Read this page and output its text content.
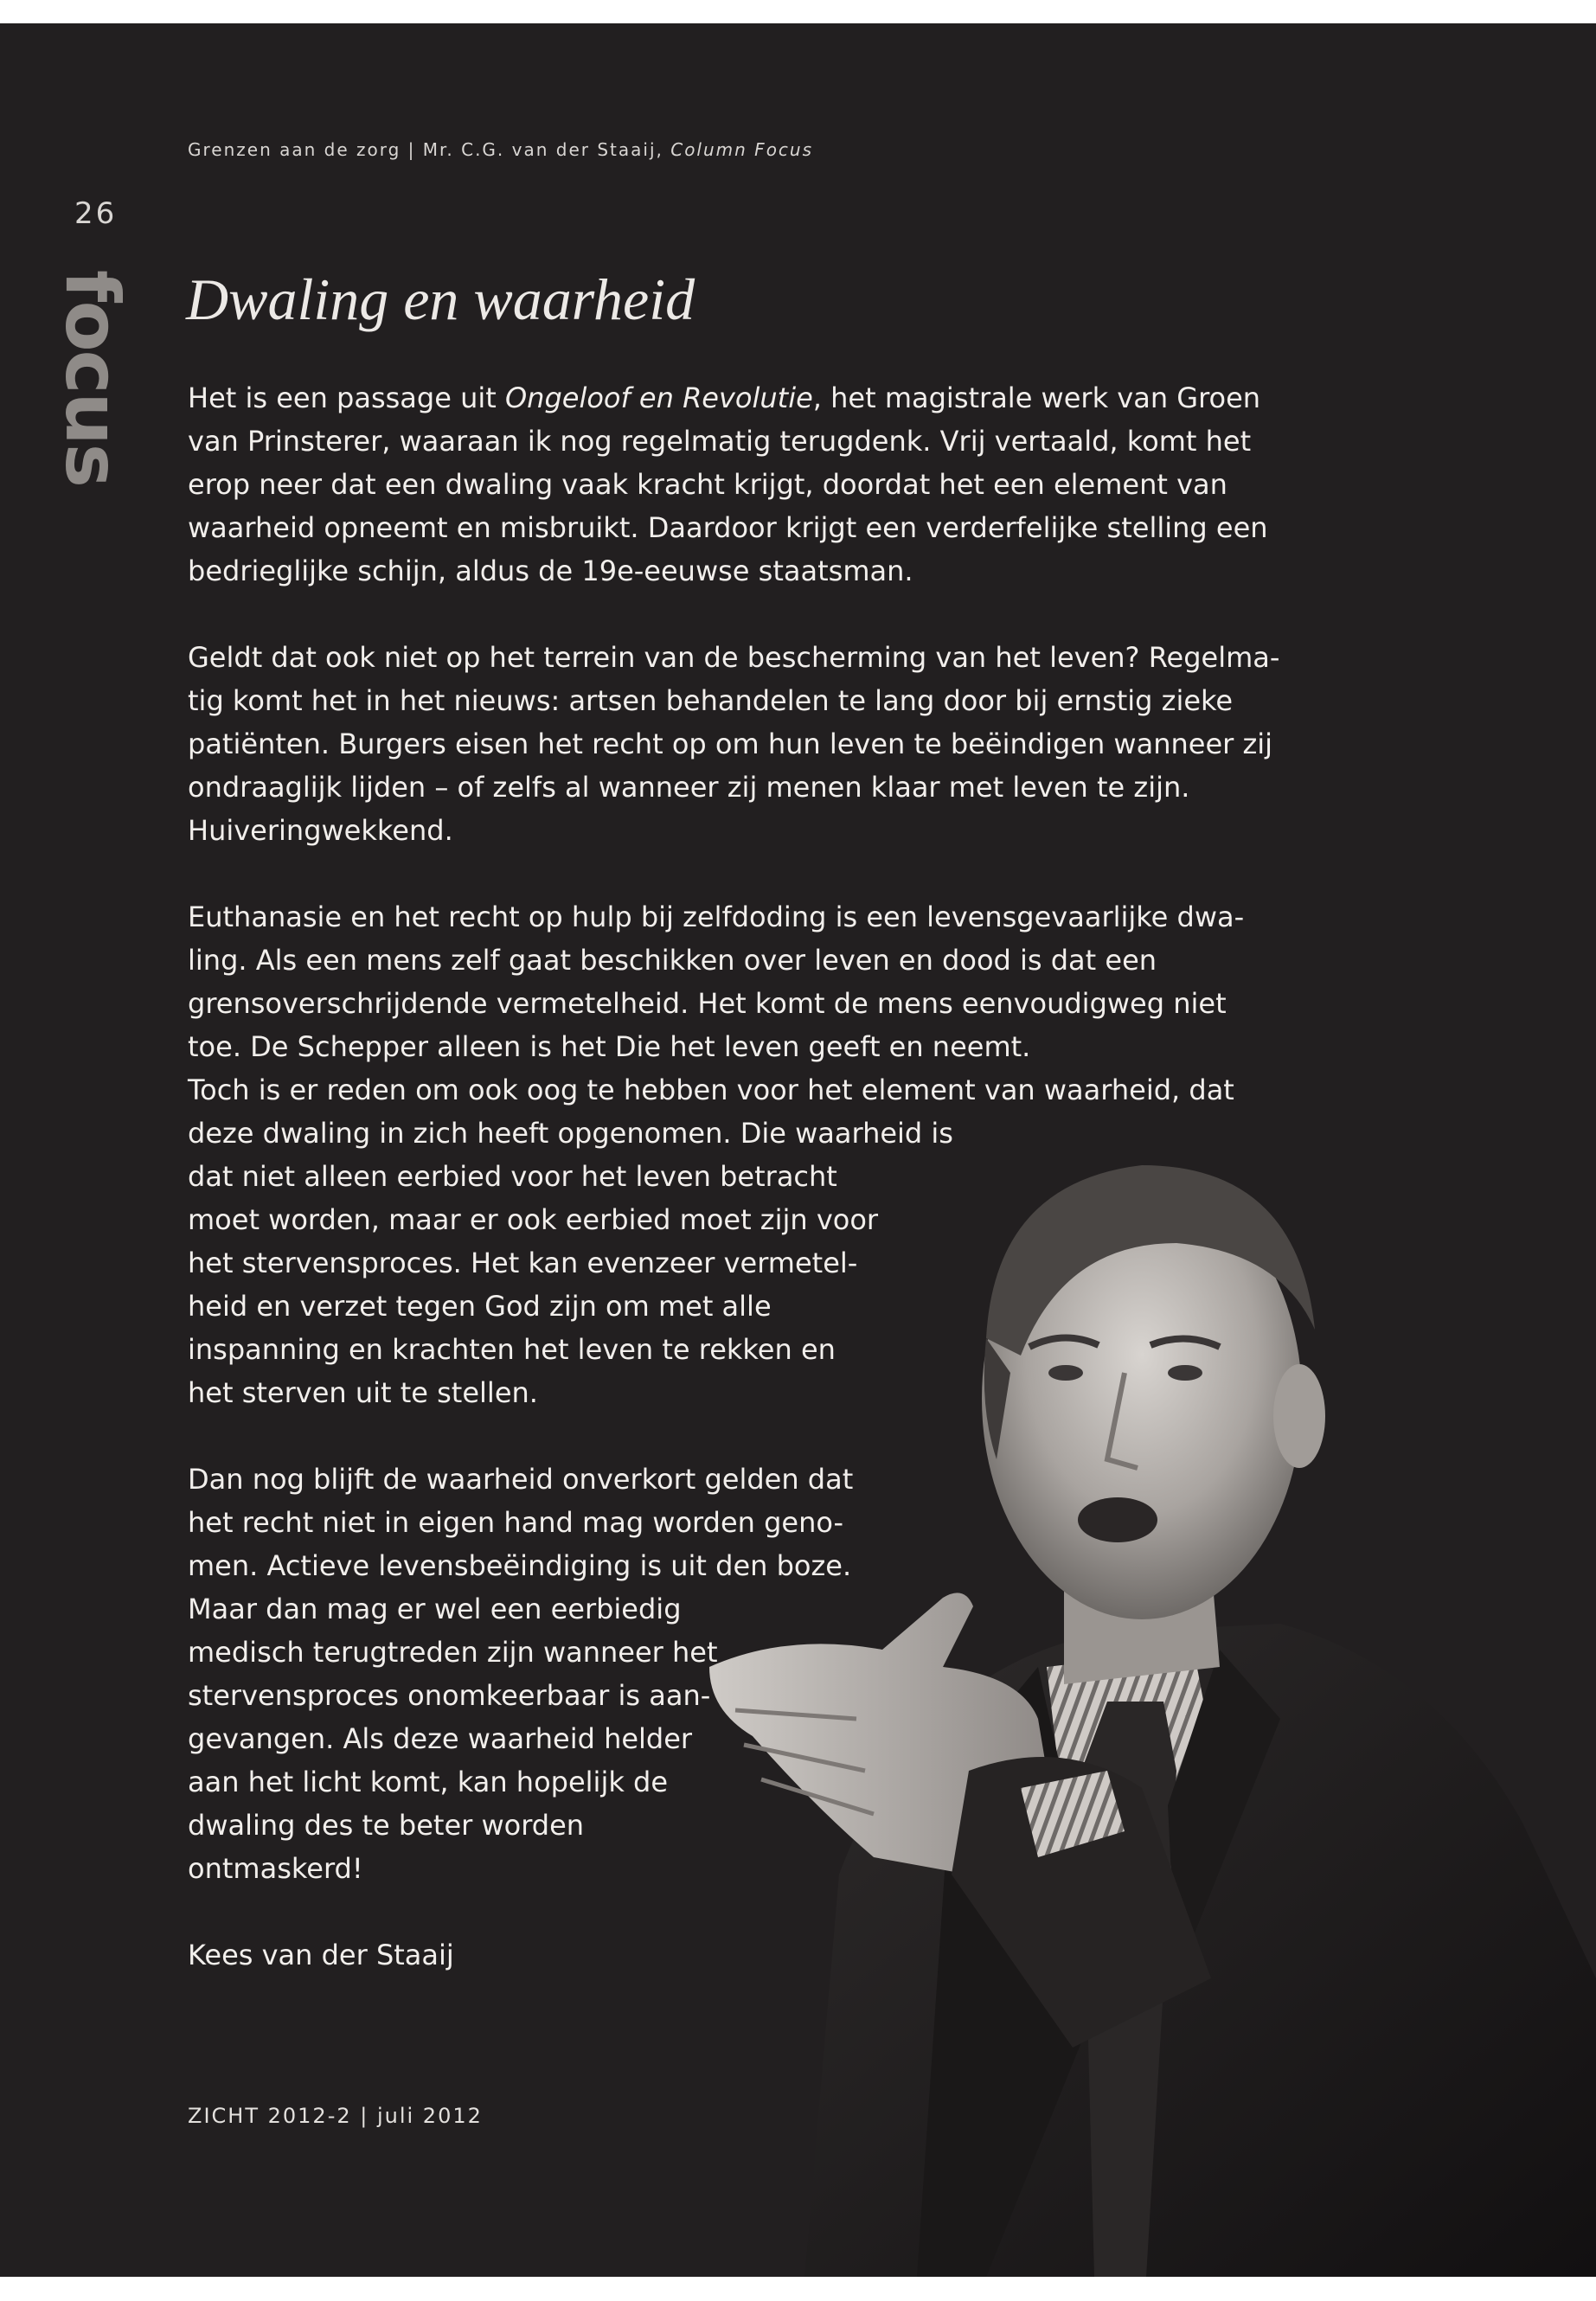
Grenzen aan de zorg | Mr. C.G. van der Staaij, Column Focus
26
focus Dwaling en waarheid
Het is een passage uit Ongeloof en Revolutie, het magistrale werk van Groen
van Prinsterer, waaraan ik nog regelmatig terugdenk. Vrij vertaald, komt het
erop neer dat een dwaling vaak kracht krijgt, doordat het een element van
waarheid opneemt en misbruikt. Daardoor krijgt een verderfelijke stelling een
bedrieglijke schijn, aldus de 19e-eeuwse staatsman.
Geldt dat ook niet op het terrein van de bescherming van het leven? Regelma-
tig komt het in het nieuws: artsen behandelen te lang door bij ernstig zieke
patiënten. Burgers eisen het recht op om hun leven te beëindigen wanneer zij
ondraaglijk lijden – of zelfs al wanneer zij menen klaar met leven te zijn.
Huiveringwekkend.
Euthanasie en het recht op hulp bij zelfdoding is een levensgevaarlijke dwa-
ling. Als een mens zelf gaat beschikken over leven en dood is dat een
grensoverschrijdende vermetelheid. Het komt de mens eenvoudigweg niet
toe. De Schepper alleen is het Die het leven geeft en neemt.
Toch is er reden om ook oog te hebben voor het element van waarheid, dat
deze dwaling in zich heeft opgenomen. Die waarheid is
dat niet alleen eerbied voor het leven betracht
moet worden, maar er ook eerbied moet zijn voor
het stervensproces. Het kan evenzeer vermetel-
heid en verzet tegen God zijn om met alle
inspanning en krachten het leven te rekken en
het sterven uit te stellen.
Dan nog blijft de waarheid onverkort gelden dat
het recht niet in eigen hand mag worden geno-
men. Actieve levensbeëindiging is uit den boze.
Maar dan mag er wel een eerbiedig
medisch terugtreden zijn wanneer het
stervensproces onomkeerbaar is aan-
gevangen. Als deze waarheid helder
aan het licht komt, kan hopelijk de
dwaling des te beter worden
ontmaskerd!
Kees van der Staaij
ZICHT 2012-2 | juli 2012
